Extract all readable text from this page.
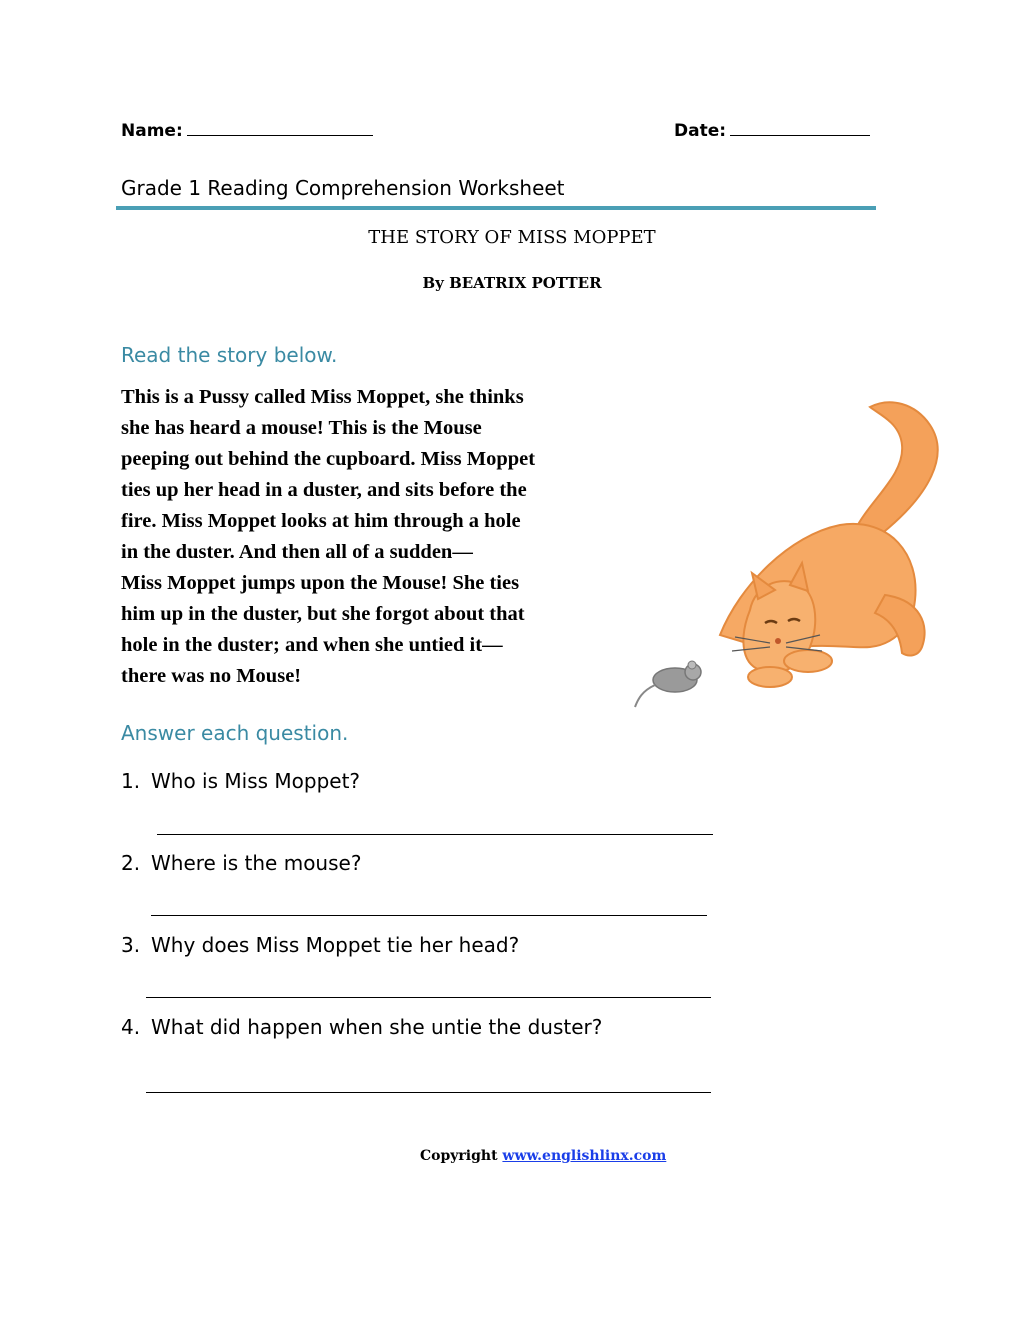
Name:	Date:
Grade 1 Reading Comprehension Worksheet
THE STORY OF MISS MOPPET
By BEATRIX POTTER
Read the story below.

This is a Pussy called Miss Moppet, she thinks
she has heard a mouse! This is the Mouse
peeping out behind the cupboard. Miss Moppet
ties up her head in a duster, and sits before the
fire. Miss Moppet looks at him through a hole
in the duster. And then all of a sudden—
Miss Moppet jumps upon the Mouse! She ties
him up in the duster, but she forgot about that
hole in the duster; and when she untied it—
there was no Mouse!

Answer each question.
1. Who is Miss Moppet?
2. Where is the mouse?
3. Why does Miss Moppet tie her head?
4. What did happen when she untie the duster?
Copyright www.englishlinx.com
